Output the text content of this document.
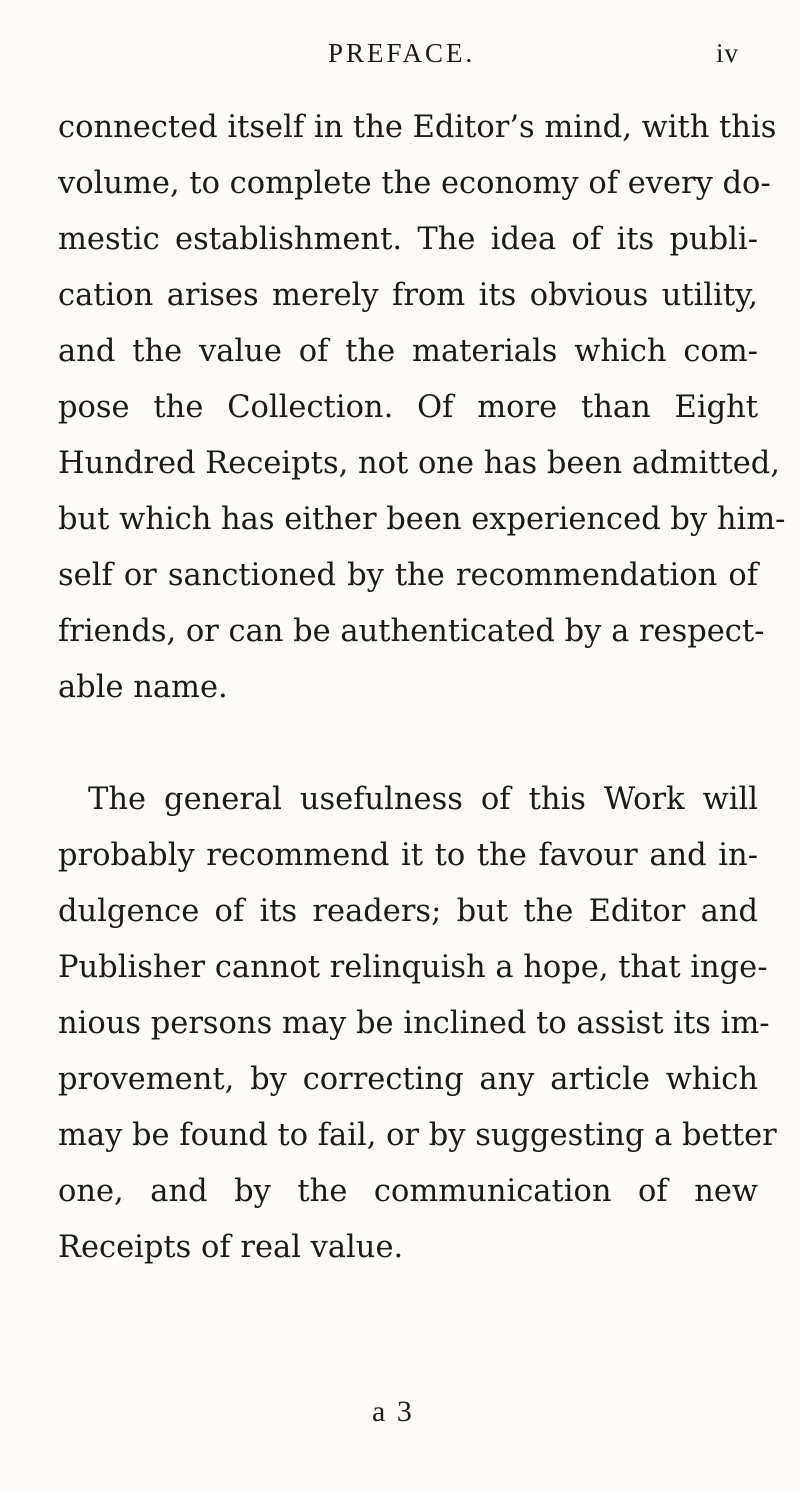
PREFACE.	iv
connected itself in the Editor’s mind, with this
volume, to complete the economy of every do-
mestic establishment. The idea of its publi-
cation arises merely from its obvious utility,
and the value of the materials which com-
pose the Collection. Of more than Eight
Hundred Receipts, not one has been admitted,
but which has either been experienced by him-
self or sanctioned by the recommendation of
friends, or can be authenticated by a respect-
able name.
The general usefulness of this Work will
probably recommend it to the favour and in-
dulgence of its readers; but the Editor and
Publisher cannot relinquish a hope, that inge-
nious persons may be inclined to assist its im-
provement, by correcting any article which
may be found to fail, or by suggesting a better
one, and by the communication of new
Receipts of real value.
a 3
